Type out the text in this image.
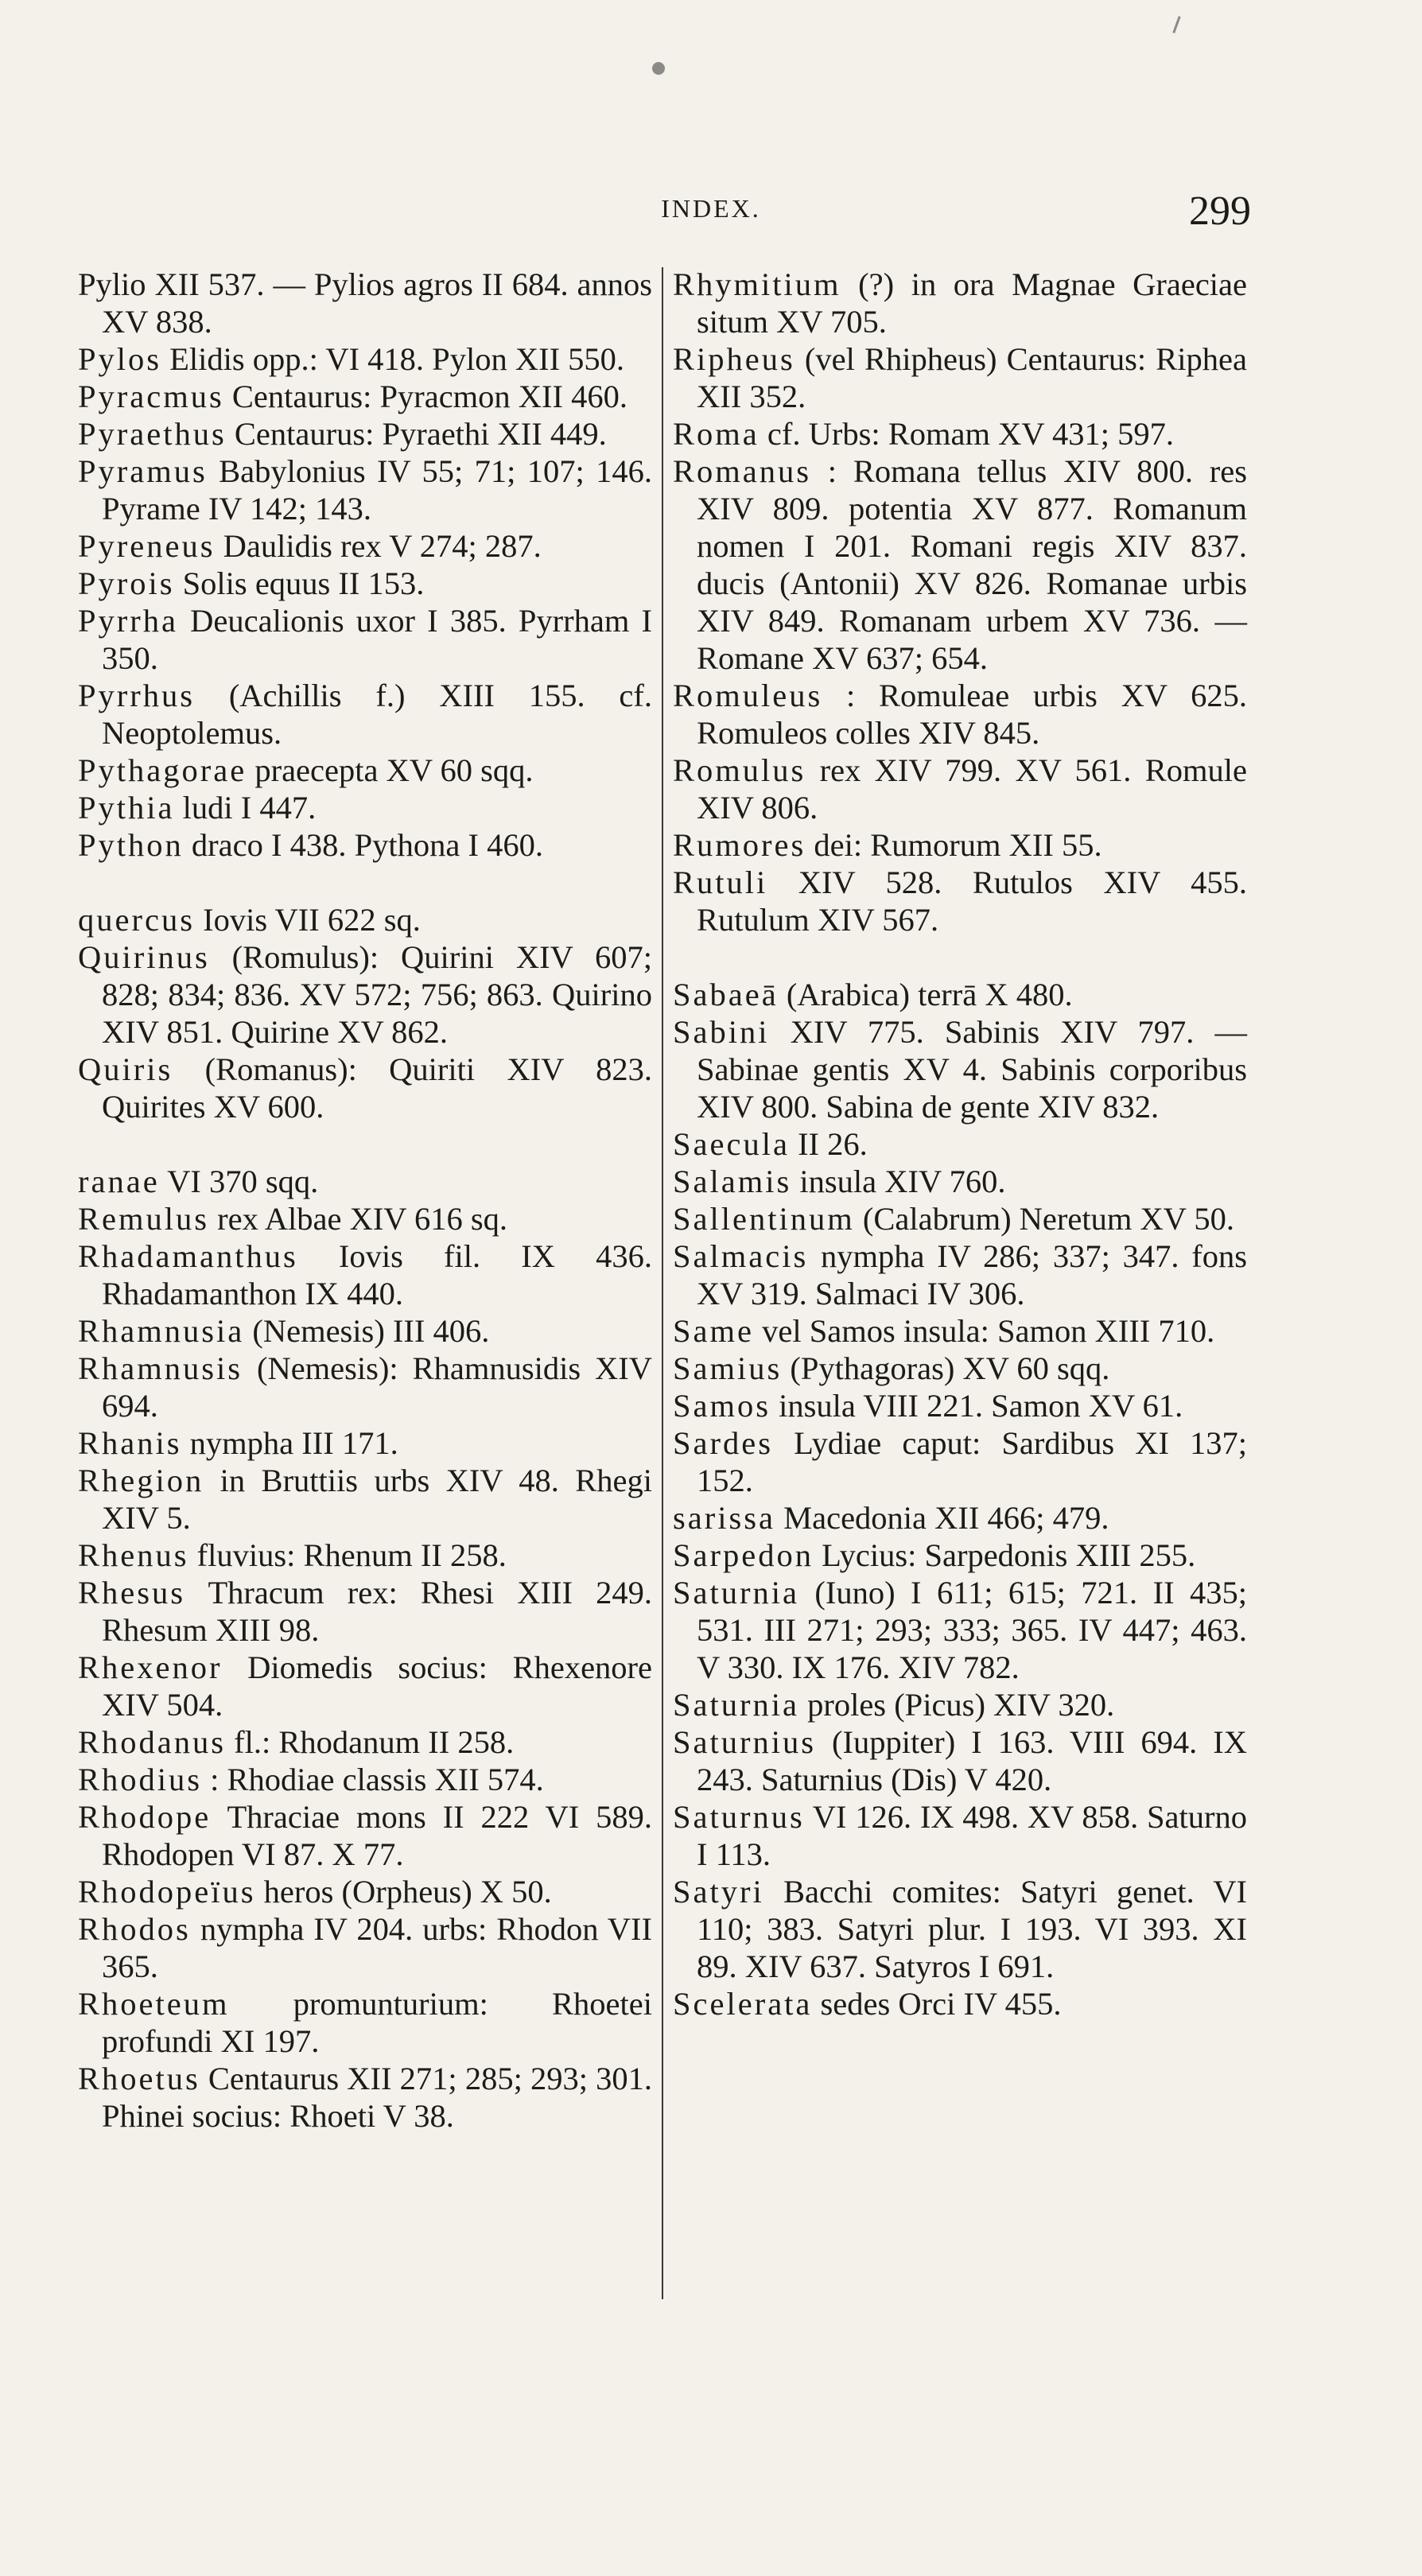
INDEX.	299
Pylio XII 537. — Pylios agros II 684. annos XV 838.
Pylos Elidis opp.: VI 418. Pylon XII 550.
Pyracmus Centaurus: Pyracmon XII 460.
Pyraethus Centaurus: Pyraethi XII 449.
Pyramus Babylonius IV 55; 71; 107; 146. Pyrame IV 142; 143.
Pyreneus Daulidis rex V 274; 287.
Pyrois Solis equus II 153.
Pyrrha Deucalionis uxor I 385. Pyrrham I 350.
Pyrrhus (Achillis f.) XIII 155. cf. Neoptolemus.
Pythagorae praecepta XV 60 sqq.
Pythia ludi I 447.
Python draco I 438. Pythona I 460.
quercus Iovis VII 622 sq.
Quirinus (Romulus): Quirini XIV 607; 828; 834; 836. XV 572; 756; 863. Quirino XIV 851. Quirine XV 862.
Quiris (Romanus): Quiriti XIV 823. Quirites XV 600.
ranae VI 370 sqq.
Remulus rex Albae XIV 616 sq.
Rhadamanthus Iovis fil. IX 436. Rhadamanthon IX 440.
Rhamnusia (Nemesis) III 406.
Rhamnusis (Nemesis): Rhamnusidis XIV 694.
Rhanis nympha III 171.
Rhegion in Bruttiis urbs XIV 48. Rhegi XIV 5.
Rhenus fluvius: Rhenum II 258.
Rhesus Thracum rex: Rhesi XIII 249. Rhesum XIII 98.
Rhexenor Diomedis socius: Rhexenore XIV 504.
Rhodanus fl.: Rhodanum II 258.
Rhodius : Rhodiae classis XII 574.
Rhodope Thraciae mons II 222 VI 589. Rhodopen VI 87. X 77.
Rhodopeïus heros (Orpheus) X 50.
Rhodos nympha IV 204. urbs: Rhodon VII 365.
Rhoeteum promunturium: Rhoetei profundi XI 197.
Rhoetus Centaurus XII 271; 285; 293; 301. Phinei socius: Rhoeti V 38.
Rhymitium (?) in ora Magnae Graeciae situm XV 705.
Ripheus (vel Rhipheus) Centaurus: Riphea XII 352.
Roma cf. Urbs: Romam XV 431; 597.
Romanus : Romana tellus XIV 800. res XIV 809. potentia XV 877. Romanum nomen I 201. Romani regis XIV 837. ducis (Antonii) XV 826. Romanae urbis XIV 849. Romanam urbem XV 736. — Romane XV 637; 654.
Romuleus : Romuleae urbis XV 625. Romuleos colles XIV 845.
Romulus rex XIV 799. XV 561. Romule XIV 806.
Rumores dei: Rumorum XII 55.
Rutuli XIV 528. Rutulos XIV 455. Rutulum XIV 567.
Sabaeā (Arabica) terrā X 480.
Sabini XIV 775. Sabinis XIV 797. — Sabinae gentis XV 4. Sabinis corporibus XIV 800. Sabina de gente XIV 832.
Saecula II 26.
Salamis insula XIV 760.
Sallentinum (Calabrum) Neretum XV 50.
Salmacis nympha IV 286; 337; 347. fons XV 319. Salmaci IV 306.
Same vel Samos insula: Samon XIII 710.
Samius (Pythagoras) XV 60 sqq.
Samos insula VIII 221. Samon XV 61.
Sardes Lydiae caput: Sardibus XI 137; 152.
sarissa Macedonia XII 466; 479.
Sarpedon Lycius: Sarpedonis XIII 255.
Saturnia (Iuno) I 611; 615; 721. II 435; 531. III 271; 293; 333; 365. IV 447; 463. V 330. IX 176. XIV 782.
Saturnia proles (Picus) XIV 320.
Saturnius (Iuppiter) I 163. VIII 694. IX 243. Saturnius (Dis) V 420.
Saturnus VI 126. IX 498. XV 858. Saturno I 113.
Satyri Bacchi comites: Satyri genet. VI 110; 383. Satyri plur. I 193. VI 393. XI 89. XIV 637. Satyros I 691.
Scelerata sedes Orci IV 455.
